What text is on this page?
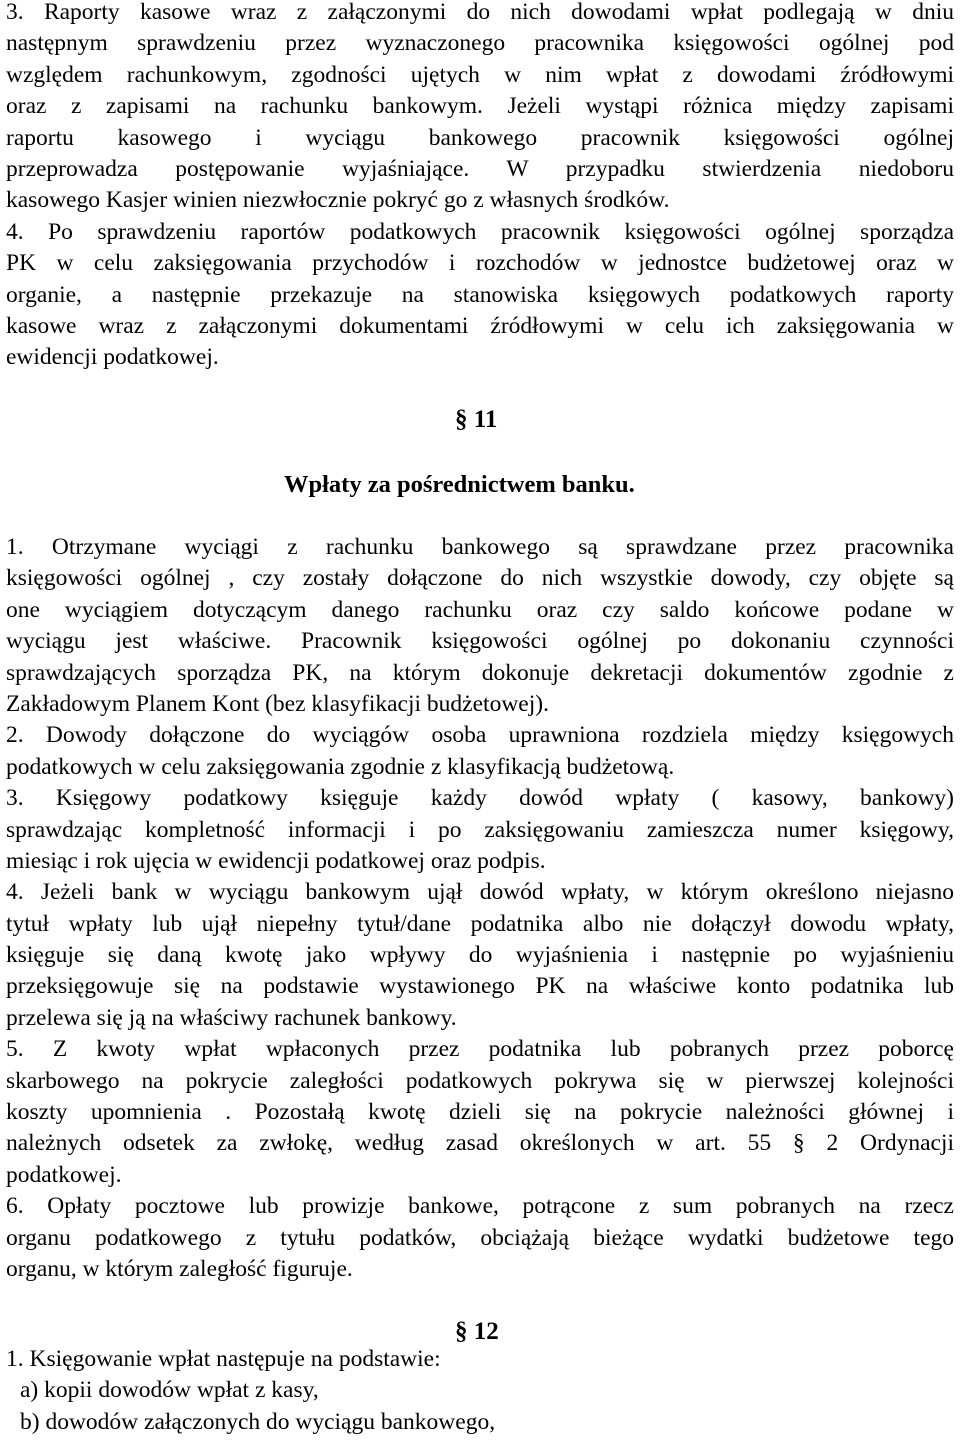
3. Raporty kasowe wraz z załączonymi do nich dowodami wpłat podlegają w dniu
następnym sprawdzeniu przez wyznaczonego pracownika księgowości ogólnej pod
względem rachunkowym, zgodności ujętych w nim wpłat z dowodami źródłowymi
oraz z zapisami na rachunku bankowym. Jeżeli wystąpi różnica między zapisami
raportu kasowego i wyciągu bankowego pracownik księgowości ogólnej
przeprowadza postępowanie wyjaśniające. W przypadku stwierdzenia niedoboru
kasowego Kasjer winien niezwłocznie pokryć go z własnych środków.
4. Po sprawdzeniu raportów podatkowych pracownik księgowości ogólnej sporządza
PK w celu zaksięgowania przychodów i rozchodów w jednostce budżetowej oraz w
organie, a następnie przekazuje na stanowiska księgowych podatkowych raporty
kasowe wraz z załączonymi dokumentami źródłowymi w celu ich zaksięgowania w
ewidencji podatkowej.
§ 11
Wpłaty za pośrednictwem banku.
1. Otrzymane wyciągi z rachunku bankowego są sprawdzane przez pracownika
księgowości ogólnej , czy zostały dołączone do nich wszystkie dowody, czy objęte są
one wyciągiem dotyczącym danego rachunku oraz czy saldo końcowe podane w
wyciągu jest właściwe. Pracownik księgowości ogólnej po dokonaniu czynności
sprawdzających sporządza PK, na którym dokonuje dekretacji dokumentów zgodnie z
Zakładowym Planem Kont (bez klasyfikacji budżetowej).
2. Dowody dołączone do wyciągów osoba uprawniona rozdziela między księgowych
podatkowych w celu zaksięgowania zgodnie z klasyfikacją budżetową.
3. Księgowy podatkowy księguje każdy dowód wpłaty ( kasowy, bankowy)
sprawdzając kompletność informacji i po zaksięgowaniu zamieszcza numer księgowy,
miesiąc i rok ujęcia w ewidencji podatkowej oraz podpis.
4. Jeżeli bank w wyciągu bankowym ujął dowód wpłaty, w którym określono niejasno
tytuł wpłaty lub ujął niepełny tytuł/dane podatnika albo nie dołączył dowodu wpłaty,
księguje się daną kwotę jako wpływy do wyjaśnienia i następnie po wyjaśnieniu
przeksięgowuje się na podstawie wystawionego PK na właściwe konto podatnika lub
przelewa się ją na właściwy rachunek bankowy.
5. Z kwoty wpłat wpłaconych przez podatnika lub pobranych przez poborcę
skarbowego na pokrycie zaległości podatkowych pokrywa się w pierwszej kolejności
koszty upomnienia . Pozostałą kwotę dzieli się na pokrycie należności głównej i
należnych odsetek za zwłokę, według zasad określonych w art. 55 § 2 Ordynacji
podatkowej.
6. Opłaty pocztowe lub prowizje bankowe, potrącone z sum pobranych na rzecz
organu podatkowego z tytułu podatków, obciążają bieżące wydatki budżetowe tego
organu, w którym zaległość figuruje.
§ 12
1. Księgowanie wpłat następuje na podstawie:
a) kopii dowodów wpłat z kasy,
b) dowodów załączonych do wyciągu bankowego,
